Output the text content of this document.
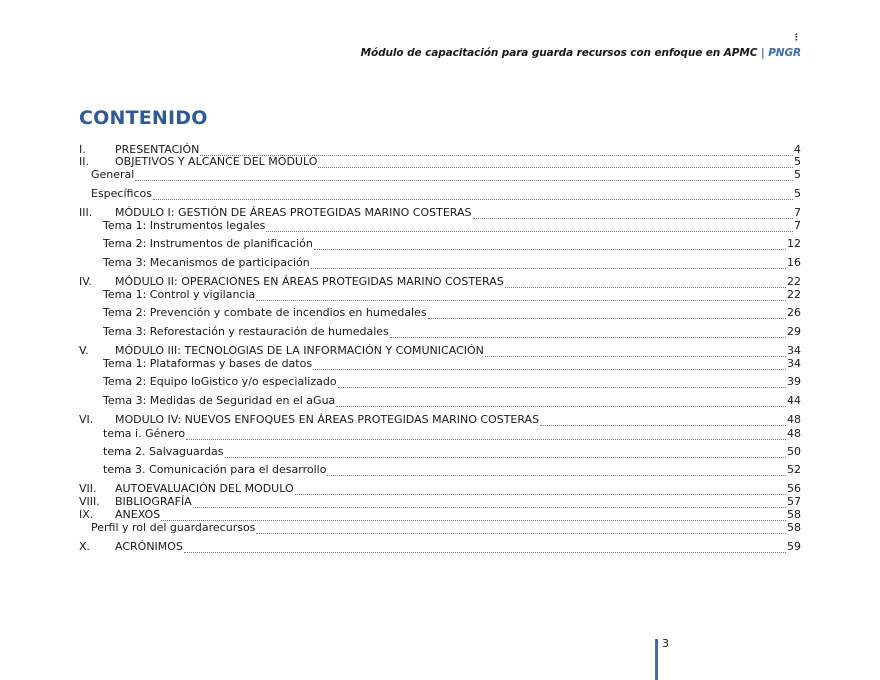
⋮
Módulo de capacitación para guarda recursos con enfoque en APMC | PNGR
CONTENIDO
I.	PRESENTACIÓN	4
II.	OBJETIVOS Y ALCANCE DEL MÓDULO	5
General	5
Específicos	5
III.	MÓDULO I: GESTIÓN DE ÁREAS PROTEGIDAS MARINO COSTERAS	7
Tema 1: Instrumentos legales	7
Tema 2: Instrumentos de planificación	12
Tema 3: Mecanismos de participación	16
IV.	MÓDULO II: OPERACIONES EN ÁREAS PROTEGIDAS MARINO COSTERAS	22
Tema 1: Control y vigilancia	22
Tema 2: Prevención y combate de incendios en humedales	26
Tema 3: Reforestación y restauración de humedales	29
V.	MÓDULO III: TECNOLOGIAS DE LA INFORMACIÓN Y COMUNICACIÓN	34
Tema 1: Plataformas y bases de datos	34
Tema 2: Equipo loGistico y/o especializado	39
Tema 3: Medidas de Seguridad en el aGua	44
VI.	MODULO IV: NUEVOS ENFOQUES EN ÁREAS PROTEGIDAS MARINO COSTERAS	48
tema i. Género	48
tema 2. Salvaguardas	50
tema 3. Comunicación para el desarrollo	52
VII.	AUTOEVALUACIÓN DEL MODULO	56
VIII.	BIBLIOGRAFÍA	57
IX.	ANEXOS	58
Perfil y rol del guardarecursos	58
X.	ACRÓNIMOS	59
3
